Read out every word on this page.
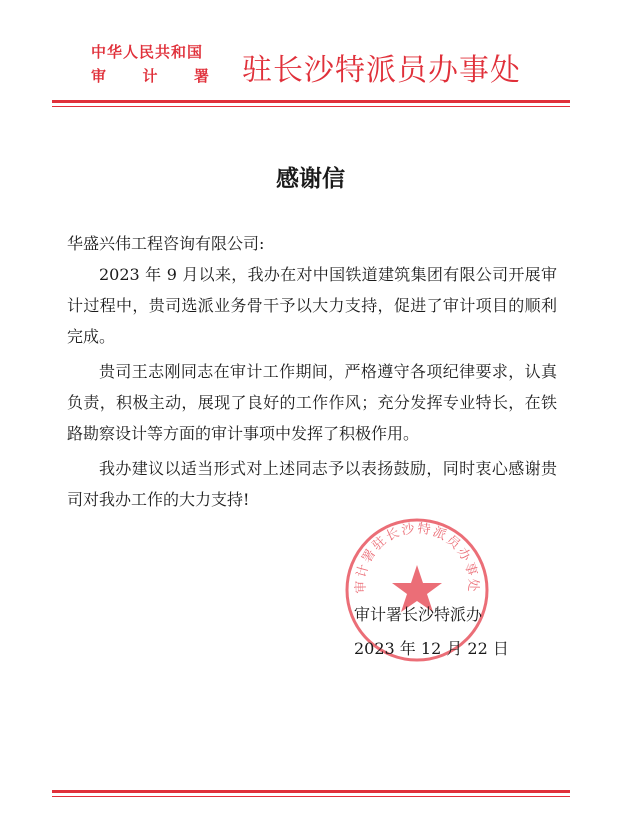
中华人民共和国
审 计 署 驻长沙特派员办事处
感谢信

华盛兴伟工程咨询有限公司:

2023 年 9 月以来，我办在对中国铁道建筑集团有限公司开展审计过程中，贵司选派业务骨干予以大力支持，促进了审计项目的顺利完成。

贵司王志刚同志在审计工作期间，严格遵守各项纪律要求，认真负责，积极主动，展现了良好的工作作风；充分发挥专业特长，在铁路勘察设计等方面的审计事项中发挥了积极作用。

我办建议以适当形式对上述同志予以表扬鼓励，同时衷心感谢贵司对我办工作的大力支持!

审计署驻长沙特派员办事处
审计署长沙特派办
2023 年 12 月 22 日
